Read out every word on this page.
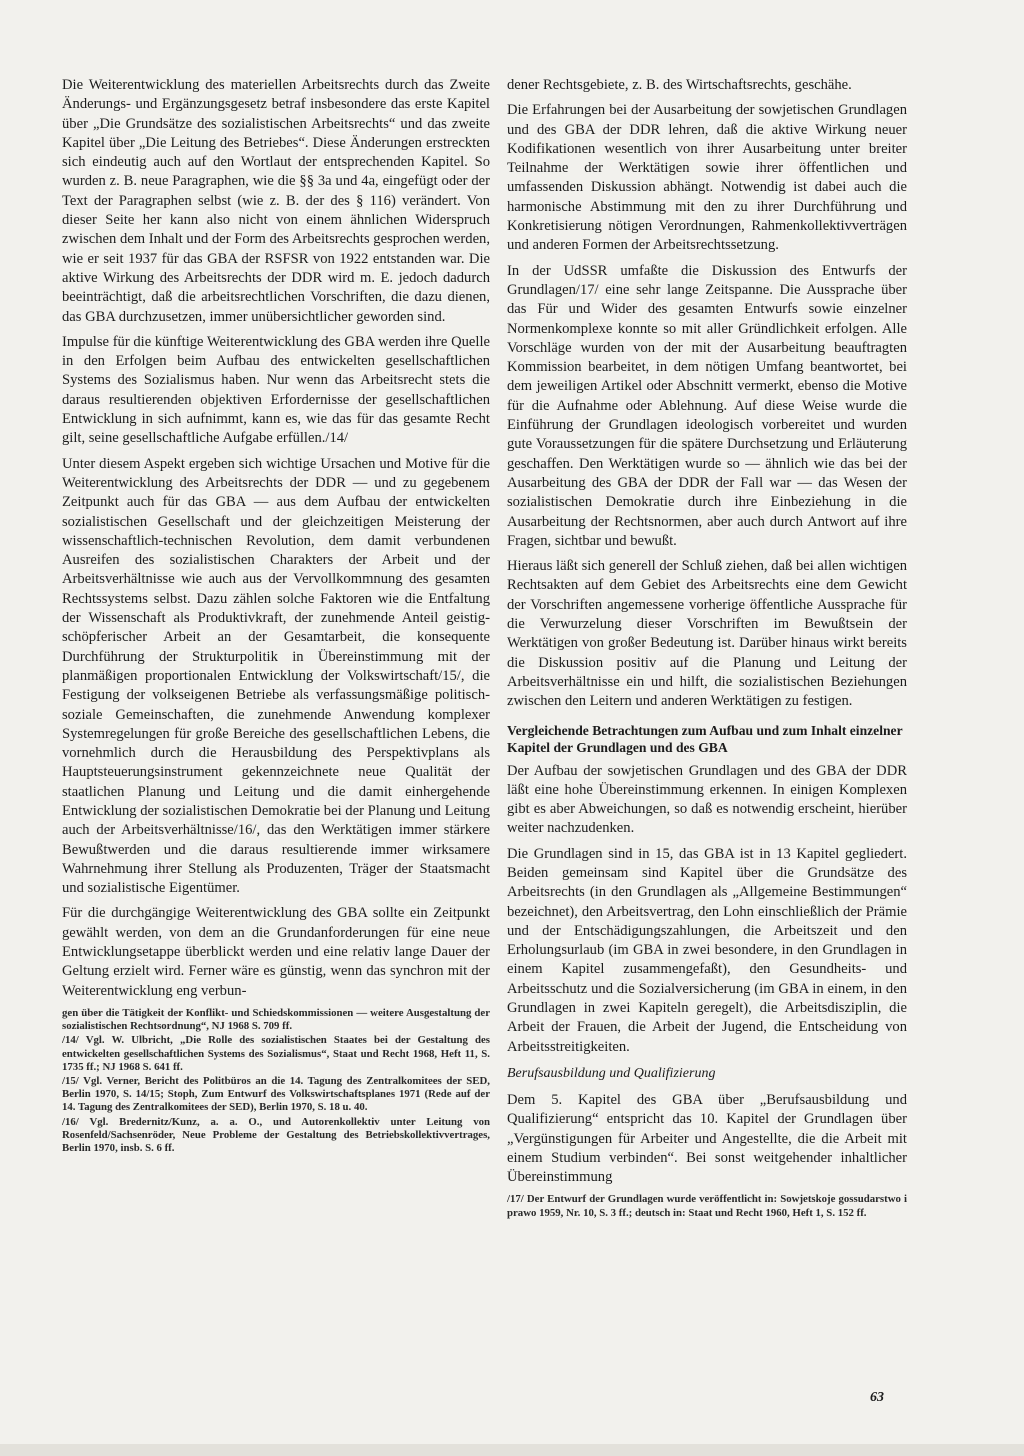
Die Weiterentwicklung des materiellen Arbeitsrechts durch das Zweite Änderungs- und Ergänzungsgesetz betraf insbesondere das erste Kapitel über „Die Grundsätze des sozialistischen Arbeitsrechts“ und das zweite Kapitel über „Die Leitung des Betriebes“. Diese Änderungen erstreckten sich eindeutig auch auf den Wortlaut der entsprechenden Kapitel. So wurden z. B. neue Paragraphen, wie die §§ 3a und 4a, eingefügt oder der Text der Paragraphen selbst (wie z. B. der des § 116) verändert. Von dieser Seite her kann also nicht von einem ähnlichen Widerspruch zwischen dem Inhalt und der Form des Arbeitsrechts gesprochen werden, wie er seit 1937 für das GBA der RSFSR von 1922 entstanden war. Die aktive Wirkung des Arbeitsrechts der DDR wird m. E. jedoch dadurch beeinträchtigt, daß die arbeitsrechtlichen Vorschriften, die dazu dienen, das GBA durchzusetzen, immer unübersichtlicher geworden sind.

Impulse für die künftige Weiterentwicklung des GBA werden ihre Quelle in den Erfolgen beim Aufbau des entwickelten gesellschaftlichen Systems des Sozialismus haben. Nur wenn das Arbeitsrecht stets die daraus resultierenden objektiven Erfordernisse der gesellschaftlichen Entwicklung in sich aufnimmt, kann es, wie das für das gesamte Recht gilt, seine gesellschaftliche Aufgabe erfüllen./14/

Unter diesem Aspekt ergeben sich wichtige Ursachen und Motive für die Weiterentwicklung des Arbeitsrechts der DDR — und zu gegebenem Zeitpunkt auch für das GBA — aus dem Aufbau der entwickelten sozialistischen Gesellschaft und der gleichzeitigen Meisterung der wissenschaftlich-technischen Revolution, dem damit verbundenen Ausreifen des sozialistischen Charakters der Arbeit und der Arbeitsverhältnisse wie auch aus der Vervollkommnung des gesamten Rechtssystems selbst. Dazu zählen solche Faktoren wie die Entfaltung der Wissenschaft als Produktivkraft, der zunehmende Anteil geistig-schöpferischer Arbeit an der Gesamtarbeit, die konsequente Durchführung der Strukturpolitik in Übereinstimmung mit der planmäßigen proportionalen Entwicklung der Volkswirtschaft/15/, die Festigung der volkseigenen Betriebe als verfassungsmäßige politisch-soziale Gemeinschaften, die zunehmende Anwendung komplexer Systemregelungen für große Bereiche des gesellschaftlichen Lebens, die vornehmlich durch die Herausbildung des Perspektivplans als Hauptsteuerungsinstrument gekennzeichnete neue Qualität der staatlichen Planung und Leitung und die damit einhergehende Entwicklung der sozialistischen Demokratie bei der Planung und Leitung auch der Arbeitsverhältnisse/16/, das den Werktätigen immer stärkere Bewußtwerden und die daraus resultierende immer wirksamere Wahrnehmung ihrer Stellung als Produzenten, Träger der Staatsmacht und sozialistische Eigentümer.

Für die durchgängige Weiterentwicklung des GBA sollte ein Zeitpunkt gewählt werden, von dem an die Grundanforderungen für eine neue Entwicklungsetappe überblickt werden und eine relativ lange Dauer der Geltung erzielt wird. Ferner wäre es günstig, wenn das synchron mit der Weiterentwicklung eng verbun-

gen über die Tätigkeit der Konflikt- und Schiedskommissionen — weitere Ausgestaltung der sozialistischen Rechtsordnung“, NJ 1968 S. 709 ff.

/14/ Vgl. W. Ulbricht, „Die Rolle des sozialistischen Staates bei der Gestaltung des entwickelten gesellschaftlichen Systems des Sozialismus“, Staat und Recht 1968, Heft 11, S. 1735 ff.; NJ 1968 S. 641 ff.

/15/ Vgl. Verner, Bericht des Politbüros an die 14. Tagung des Zentralkomitees der SED, Berlin 1970, S. 14/15; Stoph, Zum Entwurf des Volkswirtschaftsplanes 1971 (Rede auf der 14. Tagung des Zentralkomitees der SED), Berlin 1970, S. 18 u. 40.

/16/ Vgl. Bredernitz/Kunz, a. a. O., und Autorenkollektiv unter Leitung von Rosenfeld/Sachsenröder, Neue Probleme der Gestaltung des Betriebskollektivvertrages, Berlin 1970, insb. S. 6 ff.

dener Rechtsgebiete, z. B. des Wirtschaftsrechts, geschähe.

Die Erfahrungen bei der Ausarbeitung der sowjetischen Grundlagen und des GBA der DDR lehren, daß die aktive Wirkung neuer Kodifikationen wesentlich von ihrer Ausarbeitung unter breiter Teilnahme der Werktätigen sowie ihrer öffentlichen und umfassenden Diskussion abhängt. Notwendig ist dabei auch die harmonische Abstimmung mit den zu ihrer Durchführung und Konkretisierung nötigen Verordnungen, Rahmenkollektivverträgen und anderen Formen der Arbeitsrechtssetzung.

In der UdSSR umfaßte die Diskussion des Entwurfs der Grundlagen/17/ eine sehr lange Zeitspanne. Die Aussprache über das Für und Wider des gesamten Entwurfs sowie einzelner Normenkomplexe konnte so mit aller Gründlichkeit erfolgen. Alle Vorschläge wurden von der mit der Ausarbeitung beauftragten Kommission bearbeitet, in dem nötigen Umfang beantwortet, bei dem jeweiligen Artikel oder Abschnitt vermerkt, ebenso die Motive für die Aufnahme oder Ablehnung. Auf diese Weise wurde die Einführung der Grundlagen ideologisch vorbereitet und wurden gute Voraussetzungen für die spätere Durchsetzung und Erläuterung geschaffen. Den Werktätigen wurde so — ähnlich wie das bei der Ausarbeitung des GBA der DDR der Fall war — das Wesen der sozialistischen Demokratie durch ihre Einbeziehung in die Ausarbeitung der Rechtsnormen, aber auch durch Antwort auf ihre Fragen, sichtbar und bewußt.

Hieraus läßt sich generell der Schluß ziehen, daß bei allen wichtigen Rechtsakten auf dem Gebiet des Arbeitsrechts eine dem Gewicht der Vorschriften angemessene vorherige öffentliche Aussprache für die Verwurzelung dieser Vorschriften im Bewußtsein der Werktätigen von großer Bedeutung ist. Darüber hinaus wirkt bereits die Diskussion positiv auf die Planung und Leitung der Arbeitsverhältnisse ein und hilft, die sozialistischen Beziehungen zwischen den Leitern und anderen Werktätigen zu festigen.

Vergleichende Betrachtungen zum Aufbau und zum Inhalt einzelner Kapitel der Grundlagen und des GBA

Der Aufbau der sowjetischen Grundlagen und des GBA der DDR läßt eine hohe Übereinstimmung erkennen. In einigen Komplexen gibt es aber Abweichungen, so daß es notwendig erscheint, hierüber weiter nachzudenken.

Die Grundlagen sind in 15, das GBA ist in 13 Kapitel gegliedert. Beiden gemeinsam sind Kapitel über die Grundsätze des Arbeitsrechts (in den Grundlagen als „Allgemeine Bestimmungen“ bezeichnet), den Arbeitsvertrag, den Lohn einschließlich der Prämie und der Entschädigungszahlungen, die Arbeitszeit und den Erholungsurlaub (im GBA in zwei besondere, in den Grundlagen in einem Kapitel zusammengefaßt), den Gesundheits- und Arbeitsschutz und die Sozialversicherung (im GBA in einem, in den Grundlagen in zwei Kapiteln geregelt), die Arbeitsdisziplin, die Arbeit der Frauen, die Arbeit der Jugend, die Entscheidung von Arbeitsstreitigkeiten.

Berufsausbildung und Qualifizierung

Dem 5. Kapitel des GBA über „Berufsausbildung und Qualifizierung“ entspricht das 10. Kapitel der Grundlagen über „Vergünstigungen für Arbeiter und Angestellte, die die Arbeit mit einem Studium verbinden“. Bei sonst weitgehender inhaltlicher Übereinstimmung

/17/ Der Entwurf der Grundlagen wurde veröffentlicht in: Sowjetskoje gossudarstwo i prawo 1959, Nr. 10, S. 3 ff.; deutsch in: Staat und Recht 1960, Heft 1, S. 152 ff.

63
